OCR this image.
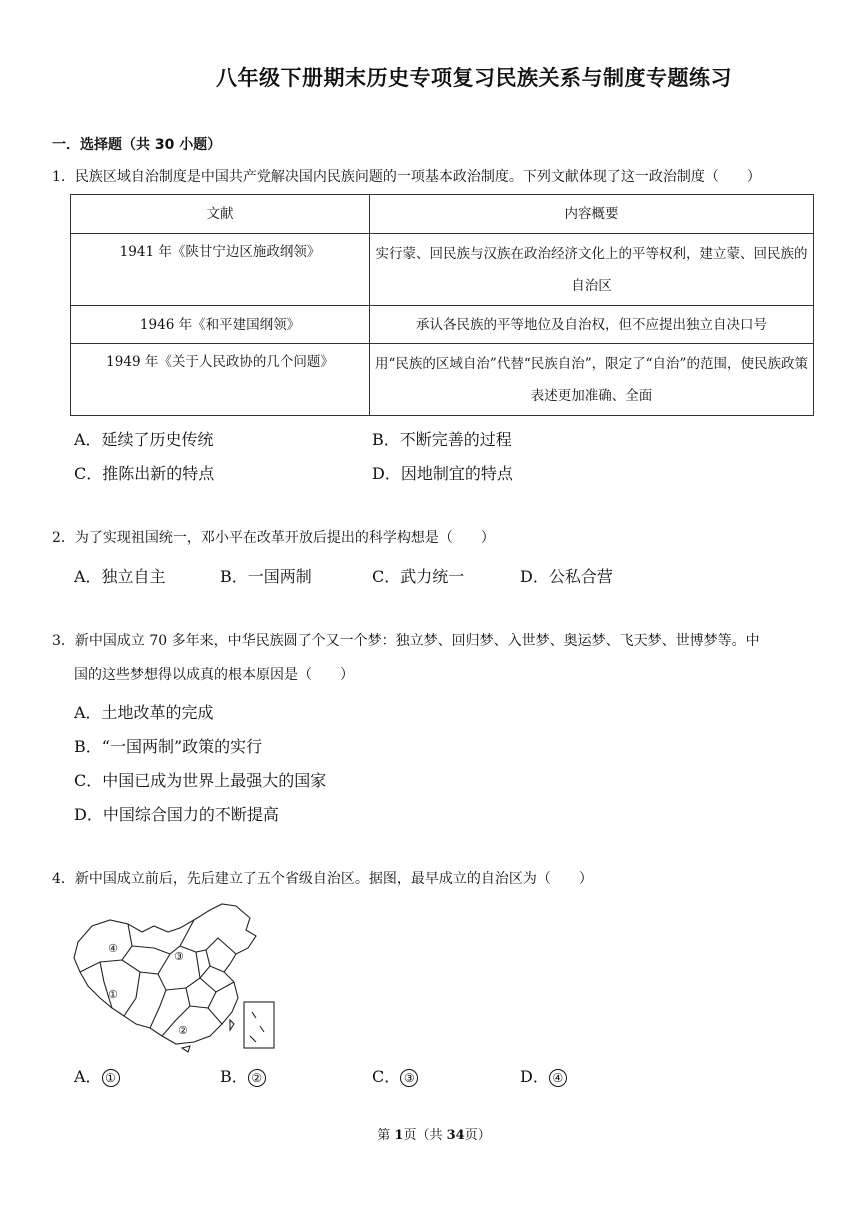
八年级下册期末历史专项复习民族关系与制度专题练习
一．选择题（共 30 小题）
1．民族区域自治制度是中国共产党解决国内民族问题的一项基本政治制度。下列文献体现了这一政治制度（　　）
文献	内容概要
1941 年《陕甘宁边区施政纲领》	实行蒙、回民族与汉族在政治经济文化上的平等权利，建立蒙、回民族的自治区
1946 年《和平建国纲领》	承认各民族的平等地位及自治权，但不应提出独立自决口号
1949 年《关于人民政协的几个问题》	用“民族的区域自治”代替“民族自治”，限定了“自治”的范围，使民族政策表述更加准确、全面
A．延续了历史传统	B．不断完善的过程
C．推陈出新的特点	D．因地制宜的特点
2．为了实现祖国统一，邓小平在改革开放后提出的科学构想是（　　）
A．独立自主	B．一国两制	C．武力统一	D．公私合营
3．新中国成立 70 多年来，中华民族圆了个又一个梦：独立梦、回归梦、入世梦、奥运梦、飞天梦、世博梦等。中
国的这些梦想得以成真的根本原因是（　　）
A．土地改革的完成
B．“一国两制”政策的实行
C．中国已成为世界上最强大的国家
D．中国综合国力的不断提高
4．新中国成立前后，先后建立了五个省级自治区。据图，最早成立的自治区为（　　）
④
③
①
②
A． ①	B． ②	C． ③	D． ④
第 1页（共 34页）
